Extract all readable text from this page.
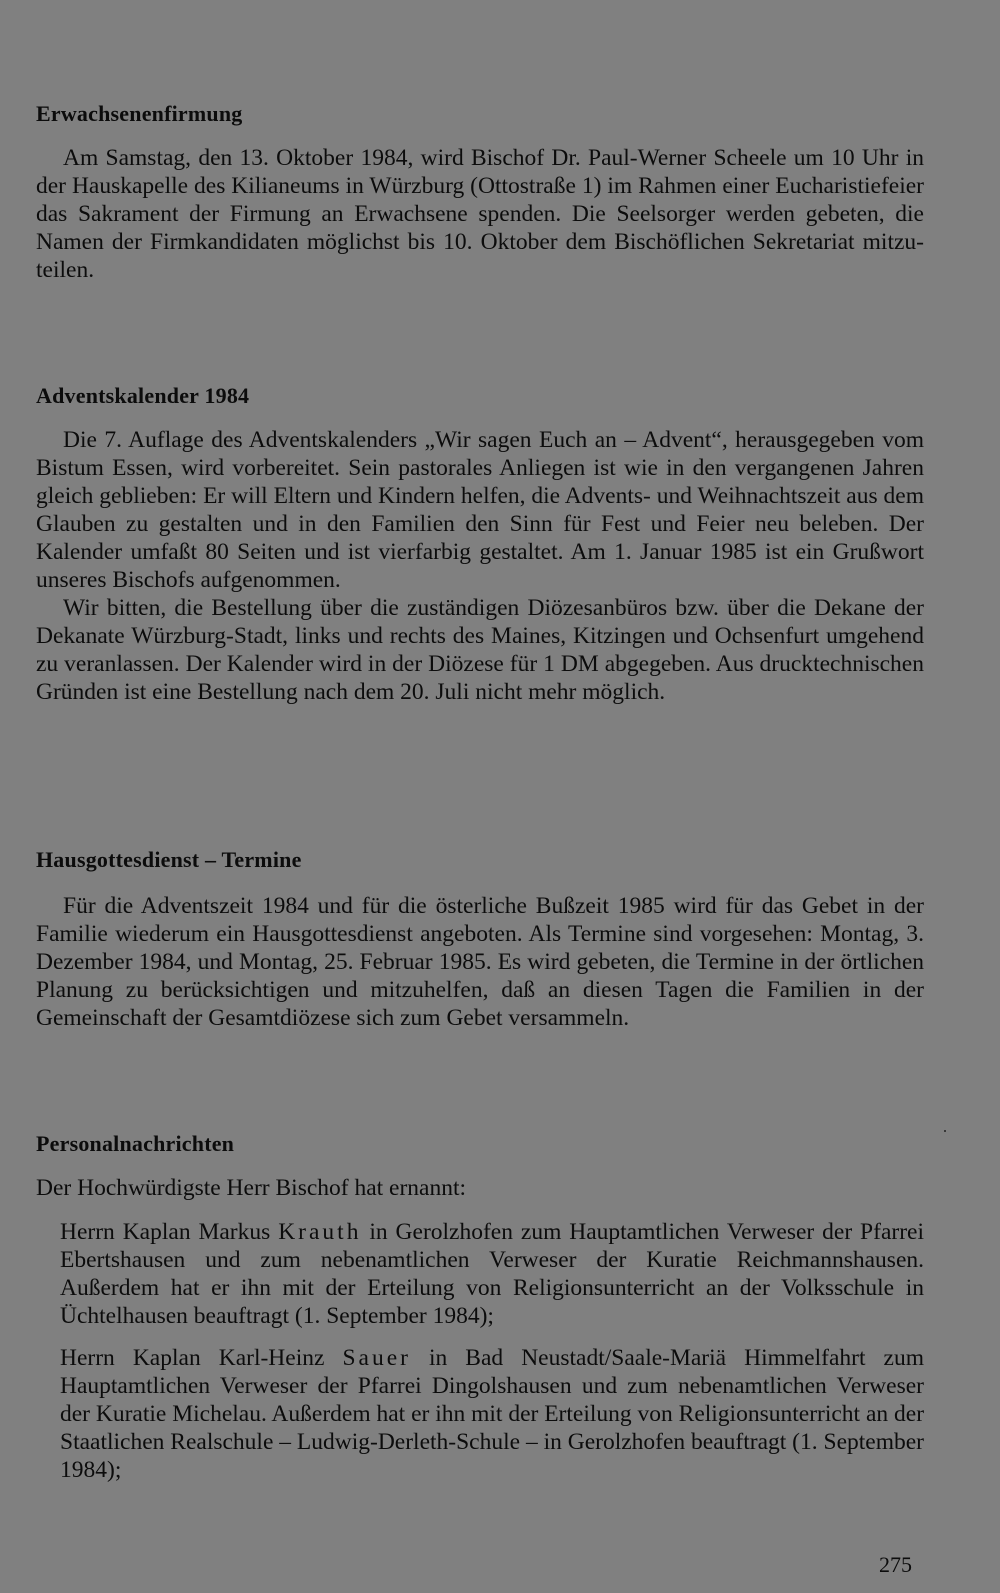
Erwachsenenfirmung

Am Samstag, den 13. Oktober 1984, wird Bischof Dr. Paul-Werner Scheele um 10 Uhr in der Hauskapelle des Kilianeums in Würzburg (Ottostraße 1) im Rahmen einer Eucharistiefeier das Sakrament der Firmung an Erwachsene spenden. Die Seelsorger werden gebeten, die Namen der Firmkandidaten möglichst bis 10. Oktober dem Bischöflichen Sekretariat mitzuteilen.

Adventskalender 1984

Die 7. Auflage des Adventskalenders „Wir sagen Euch an – Advent“, herausgegeben vom Bistum Essen, wird vorbereitet. Sein pastorales Anliegen ist wie in den vergangenen Jahren gleich geblieben: Er will Eltern und Kindern helfen, die Advents- und Weihnachtszeit aus dem Glauben zu gestalten und in den Familien den Sinn für Fest und Feier neu beleben. Der Kalender umfaßt 80 Seiten und ist vierfarbig gestaltet. Am 1. Januar 1985 ist ein Grußwort unseres Bischofs aufgenommen.

Wir bitten, die Bestellung über die zuständigen Diözesanbüros bzw. über die Dekane der Dekanate Würzburg-Stadt, links und rechts des Maines, Kitzingen und Ochsenfurt umgehend zu veranlassen. Der Kalender wird in der Diözese für 1 DM abgegeben. Aus drucktechnischen Gründen ist eine Bestellung nach dem 20. Juli nicht mehr möglich.

Hausgottesdienst – Termine

Für die Adventszeit 1984 und für die österliche Bußzeit 1985 wird für das Gebet in der Familie wiederum ein Hausgottesdienst angeboten. Als Termine sind vorgesehen: Montag, 3. Dezember 1984, und Montag, 25. Februar 1985. Es wird gebeten, die Termine in der örtlichen Planung zu berücksichtigen und mitzuhelfen, daß an diesen Tagen die Familien in der Gemeinschaft der Gesamtdiözese sich zum Gebet versammeln.

Personalnachrichten

Der Hochwürdigste Herr Bischof hat ernannt:

Herrn Kaplan Markus Krauth in Gerolzhofen zum Hauptamtlichen Verweser der Pfarrei Ebertshausen und zum nebenamtlichen Verweser der Kuratie Reichmannshausen. Außerdem hat er ihn mit der Erteilung von Religionsunterricht an der Volksschule in Üchtelhausen beauftragt (1. September 1984);

Herrn Kaplan Karl-Heinz Sauer in Bad Neustadt/Saale-Mariä Himmelfahrt zum Hauptamtlichen Verweser der Pfarrei Dingolshausen und zum nebenamtlichen Verweser der Kuratie Michelau. Außerdem hat er ihn mit der Erteilung von Religionsunterricht an der Staatlichen Realschule – Ludwig-Derleth-Schule – in Gerolzhofen beauftragt (1. September 1984);

275
